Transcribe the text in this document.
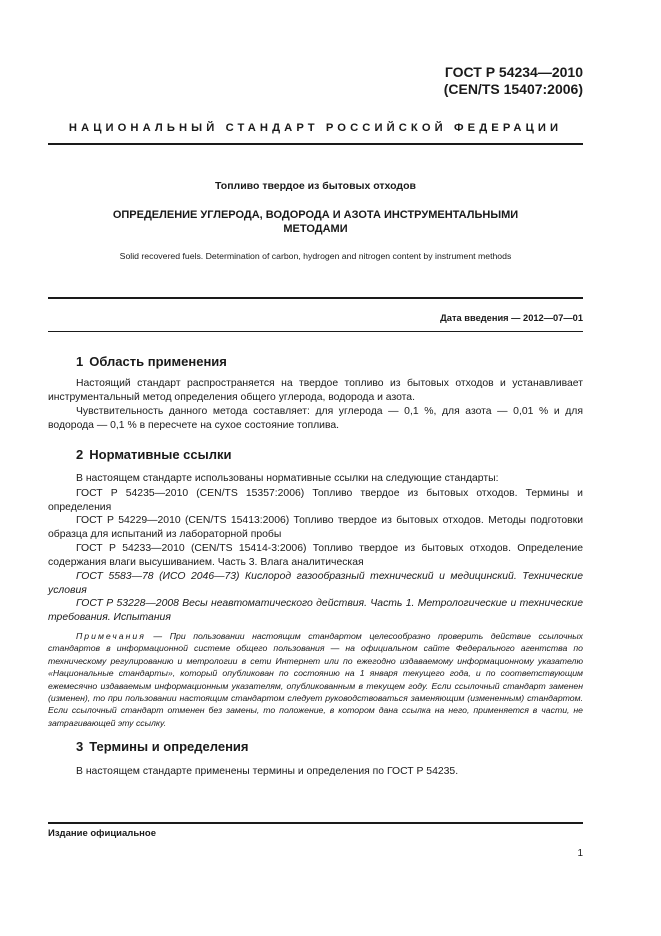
ГОСТ Р 54234—2010
(CEN/TS 15407:2006)
НАЦИОНАЛЬНЫЙ СТАНДАРТ РОССИЙСКОЙ ФЕДЕРАЦИИ
Топливо твердое из бытовых отходов
ОПРЕДЕЛЕНИЕ УГЛЕРОДА, ВОДОРОДА И АЗОТА ИНСТРУМЕНТАЛЬНЫМИ МЕТОДАМИ
Solid recovered fuels. Determination of carbon, hydrogen and nitrogen content by instrument methods
Дата введения — 2012—07—01
1 Область применения

Настоящий стандарт распространяется на твердое топливо из бытовых отходов и устанавливает инструментальный метод определения общего углерода, водорода и азота.

Чувствительность данного метода составляет: для углерода — 0,1 %, для азота — 0,01 % и для водорода — 0,1 % в пересчете на сухое состояние топлива.

2 Нормативные ссылки

В настоящем стандарте использованы нормативные ссылки на следующие стандарты:

ГОСТ Р 54235—2010 (CEN/TS 15357:2006) Топливо твердое из бытовых отходов. Термины и определения

ГОСТ Р 54229—2010 (CEN/TS 15413:2006) Топливо твердое из бытовых отходов. Методы подготовки образца для испытаний из лабораторной пробы

ГОСТ Р 54233—2010 (CEN/TS 15414-3:2006) Топливо твердое из бытовых отходов. Определение содержания влаги высушиванием. Часть 3. Влага аналитическая

ГОСТ 5583—78 (ИСО 2046—73) Кислород газообразный технический и медицинский. Технические условия

ГОСТ Р 53228—2008 Весы неавтоматического действия. Часть 1. Метрологические и технические требования. Испытания

Примечания — При пользовании настоящим стандартом целесообразно проверить действие ссылочных стандартов в информационной системе общего пользования — на официальном сайте Федерального агентства по техническому регулированию и метрологии в сети Интернет или по ежегодно издаваемому информационному указателю «Национальные стандарты», который опубликован по состоянию на 1 января текущего года, и по соответствующим ежемесячно издаваемым информационным указателям, опубликованным в текущем году. Если ссылочный стандарт заменен (изменен), то при пользовании настоящим стандартом следует руководствоваться заменяющим (измененным) стандартом. Если ссылочный стандарт отменен без замены, то положение, в котором дана ссылка на него, применяется в части, не затрагивающей эту ссылку.

3 Термины и определения

В настоящем стандарте применены термины и определения по ГОСТ Р 54235.

Издание официальное
1
